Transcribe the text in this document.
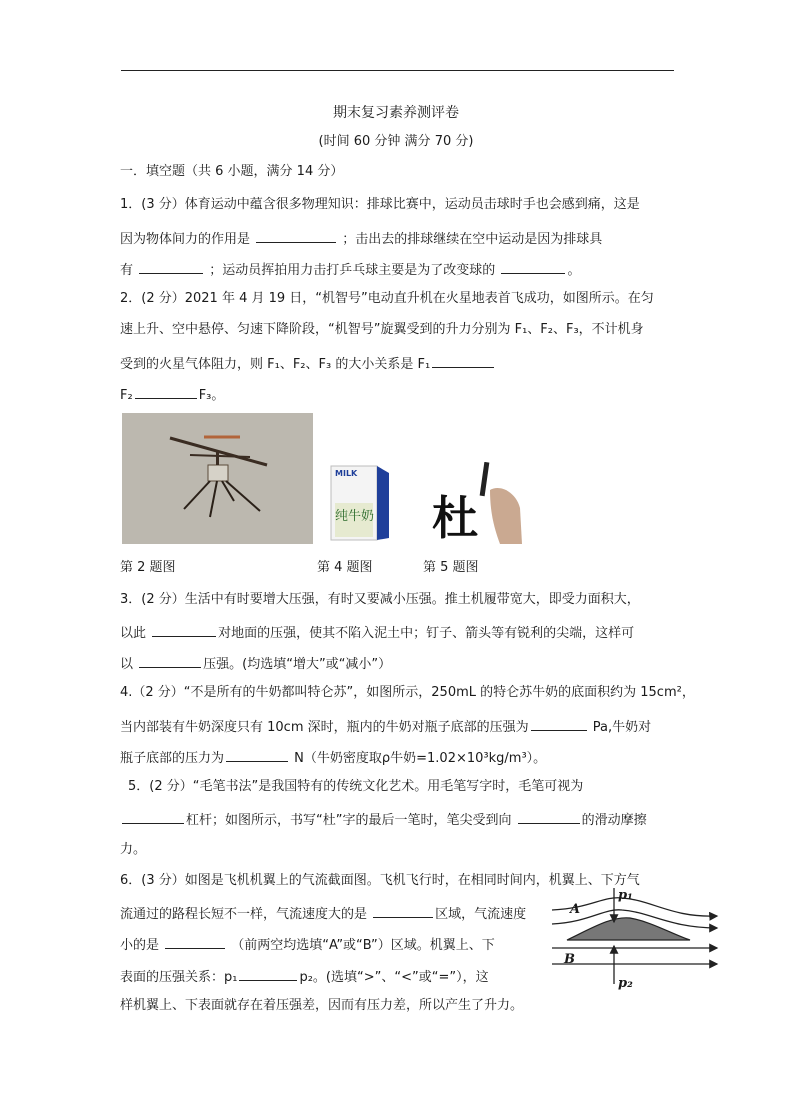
期末复习素养测评卷
(时间 60 分钟 满分 70 分)
一．填空题（共 6 小题，满分 14 分）
1．(3 分）体育运动中蕴含很多物理知识：排球比赛中，运动员击球时手也会感到痛，这是
因为物体间力的作用是	；击出去的排球继续在空中运动是因为排球具
有	；运动员挥拍用力击打乒乓球主要是为了改变球的	。
2．(2 分）2021 年 4 月 19 日，“机智号”电动直升机在火星地表首飞成功，如图所示。在匀
速上升、空中悬停、匀速下降阶段，“机智号”旋翼受到的升力分别为 F₁、F₂、F₃，不计机身
受到的火星气体阻力，则 F₁、F₂、F₃ 的大小关系是 F₁
F₂	F₃。
MILK
纯牛奶 杜
第 2 题图	第 4 题图	第 5 题图
3．(2 分）生活中有时要增大压强，有时又要减小压强。推土机履带宽大，即受力面积大，
以此	对地面的压强，使其不陷入泥土中；钉子、箭头等有锐利的尖端，这样可
以	压强。(均选填“增大”或“减小”）
4.（2 分）“不是所有的牛奶都叫特仑苏”，如图所示，250mL 的特仑苏牛奶的底面积约为 15cm²，
当内部装有牛奶深度只有 10cm 深时，瓶内的牛奶对瓶子底部的压强为	Pa,牛奶对
瓶子底部的压力为	N（牛奶密度取ρ牛奶=1.02×10³kg/m³）。
5．(2 分）“毛笔书法”是我国特有的传统文化艺术。用毛笔写字时，毛笔可视为
杠杆；如图所示，书写“杜”字的最后一笔时，笔尖受到向	的滑动摩擦
力。
6．(3 分）如图是飞机机翼上的气流截面图。飞机飞行时，在相同时间内，机翼上、下方气
流通过的路程长短不一样，气流速度大的是	区域，气流速度
小的是	（前两空均选填“A”或“B”）区域。机翼上、下
表面的压强关系：p₁	p₂。(选填“>”、“<”或“=”），这
样机翼上、下表面就存在着压强差，因而有压力差，所以产生了升力。
A
B
p₁
p₂
